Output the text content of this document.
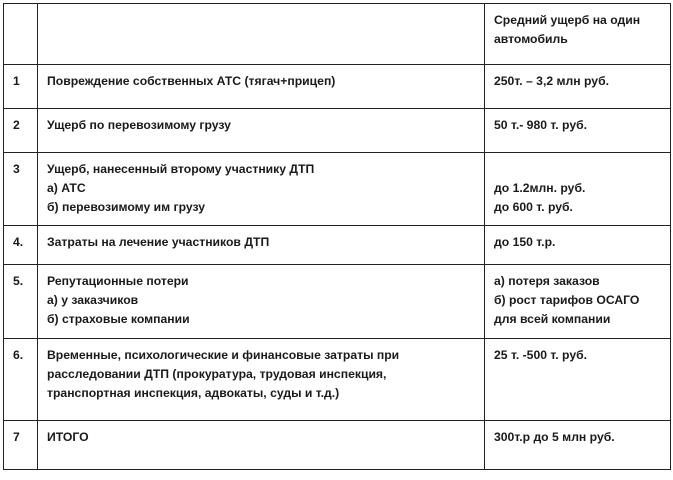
		Средний ущерб на один
автомобиль
1	Повреждение собственных АТС (тягач+прицеп)	250т. – 3,2 млн руб.
2	Ущерб по перевозимому грузу	50 т.- 980 т. руб.
3	Ущерб, нанесенный второму участнику ДТП
а) АТС
б) перевозимому им грузу	до 1.2млн. руб.
до 600 т. руб.
4.	Затраты на лечение участников ДТП	до 150 т.р.
5.	Репутационные потери
а) у заказчиков
б) страховые компании	а) потеря заказов
б) рост тарифов ОСАГО
для всей компании
6.	Временные, психологические и финансовые затраты при
расследовании ДТП (прокуратура, трудовая инспекция,
транспортная инспекция, адвокаты, суды и т.д.)	25 т. -500 т. руб.
7	ИТОГО	300т.р до 5 млн руб.
